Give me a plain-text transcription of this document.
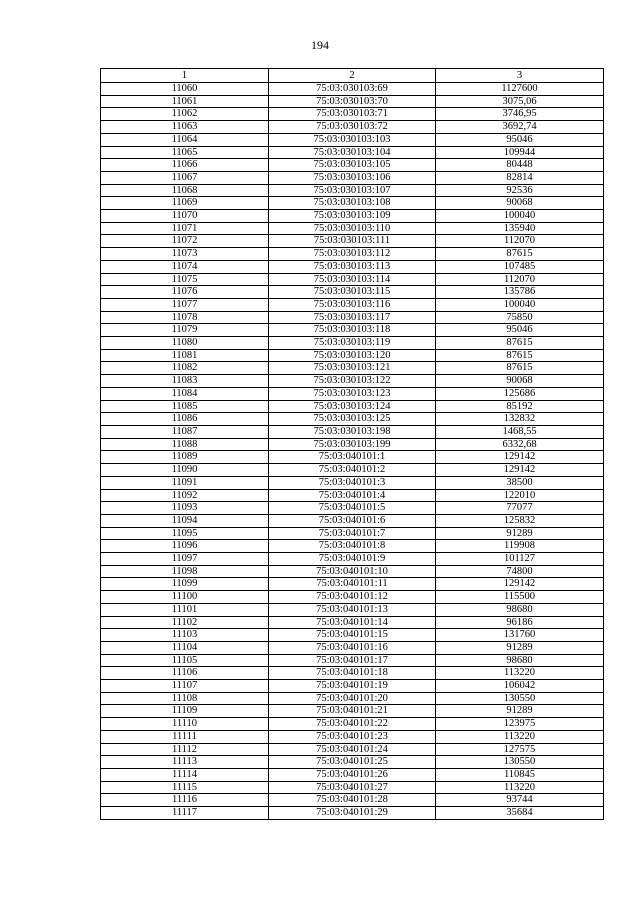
194
1	2	3
11060	75:03:030103:69	1127600
11061	75:03:030103:70	3075,06
11062	75:03:030103:71	3746,95
11063	75:03:030103:72	3692,74
11064	75:03:030103:103	95046
11065	75:03:030103:104	109944
11066	75:03:030103:105	80448
11067	75:03:030103:106	82814
11068	75:03:030103:107	92536
11069	75:03:030103:108	90068
11070	75:03:030103:109	100040
11071	75:03:030103:110	135940
11072	75:03:030103:111	112070
11073	75:03:030103:112	87615
11074	75:03:030103:113	107485
11075	75:03:030103:114	112070
11076	75:03:030103:115	135786
11077	75:03:030103:116	100040
11078	75:03:030103:117	75850
11079	75:03:030103:118	95046
11080	75:03:030103:119	87615
11081	75:03:030103:120	87615
11082	75:03:030103:121	87615
11083	75:03:030103:122	90068
11084	75:03:030103:123	125686
11085	75:03:030103:124	85192
11086	75:03:030103:125	132832
11087	75:03:030103:198	1468,55
11088	75:03:030103:199	6332,68
11089	75:03:040101:1	129142
11090	75:03:040101:2	129142
11091	75:03:040101:3	38500
11092	75:03:040101:4	122010
11093	75:03:040101:5	77077
11094	75:03:040101:6	125832
11095	75:03:040101:7	91289
11096	75:03:040101:8	119908
11097	75:03:040101:9	101127
11098	75:03:040101:10	74800
11099	75:03:040101:11	129142
11100	75:03:040101:12	115500
11101	75:03:040101:13	98680
11102	75:03:040101:14	96186
11103	75:03:040101:15	131760
11104	75:03:040101:16	91289
11105	75:03:040101:17	98680
11106	75:03:040101:18	113220
11107	75:03:040101:19	106042
11108	75:03:040101:20	130550
11109	75:03:040101:21	91289
11110	75:03:040101:22	123975
11111	75:03:040101:23	113220
11112	75:03:040101:24	127575
11113	75:03:040101:25	130550
11114	75:03:040101:26	110845
11115	75:03:040101:27	113220
11116	75:03:040101:28	93744
11117	75:03:040101:29	35684
